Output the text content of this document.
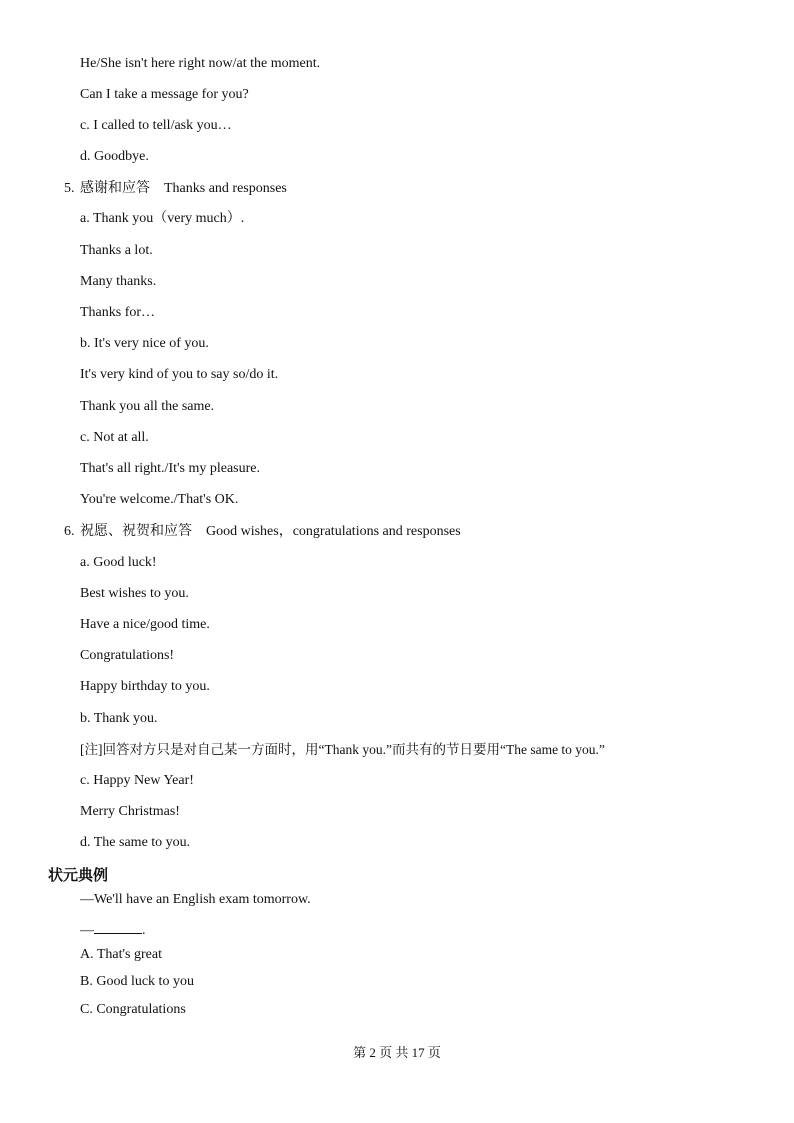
He/She isn't here right now/at the moment.
Can I take a message for you?
c. I called to tell/ask you…
d. Goodbye.
5. 感谢和应答 Thanks and responses
a. Thank you（very much）.
Thanks a lot.
Many thanks.
Thanks for…
b. It's very nice of you.
It's very kind of you to say so/do it.
Thank you all the same.
c. Not at all.
That's all right./It's my pleasure.
You're welcome./That's OK.
6. 祝愿、祝贺和应答 Good wishes，congratulations and responses
a. Good luck!
Best wishes to you.
Have a nice/good time.
Congratulations!
Happy birthday to you.
b. Thank you.
[注]回答对方只是对自己某一方面时，用“Thank you.”而共有的节日要用“The same to you.”
c. Happy New Year!
Merry Christmas!
d. The same to you.
状元典例
—We'll have an English exam tomorrow.
—	.
A. That's great
B. Good luck to you
C. Congratulations
第 2 页 共 17 页
